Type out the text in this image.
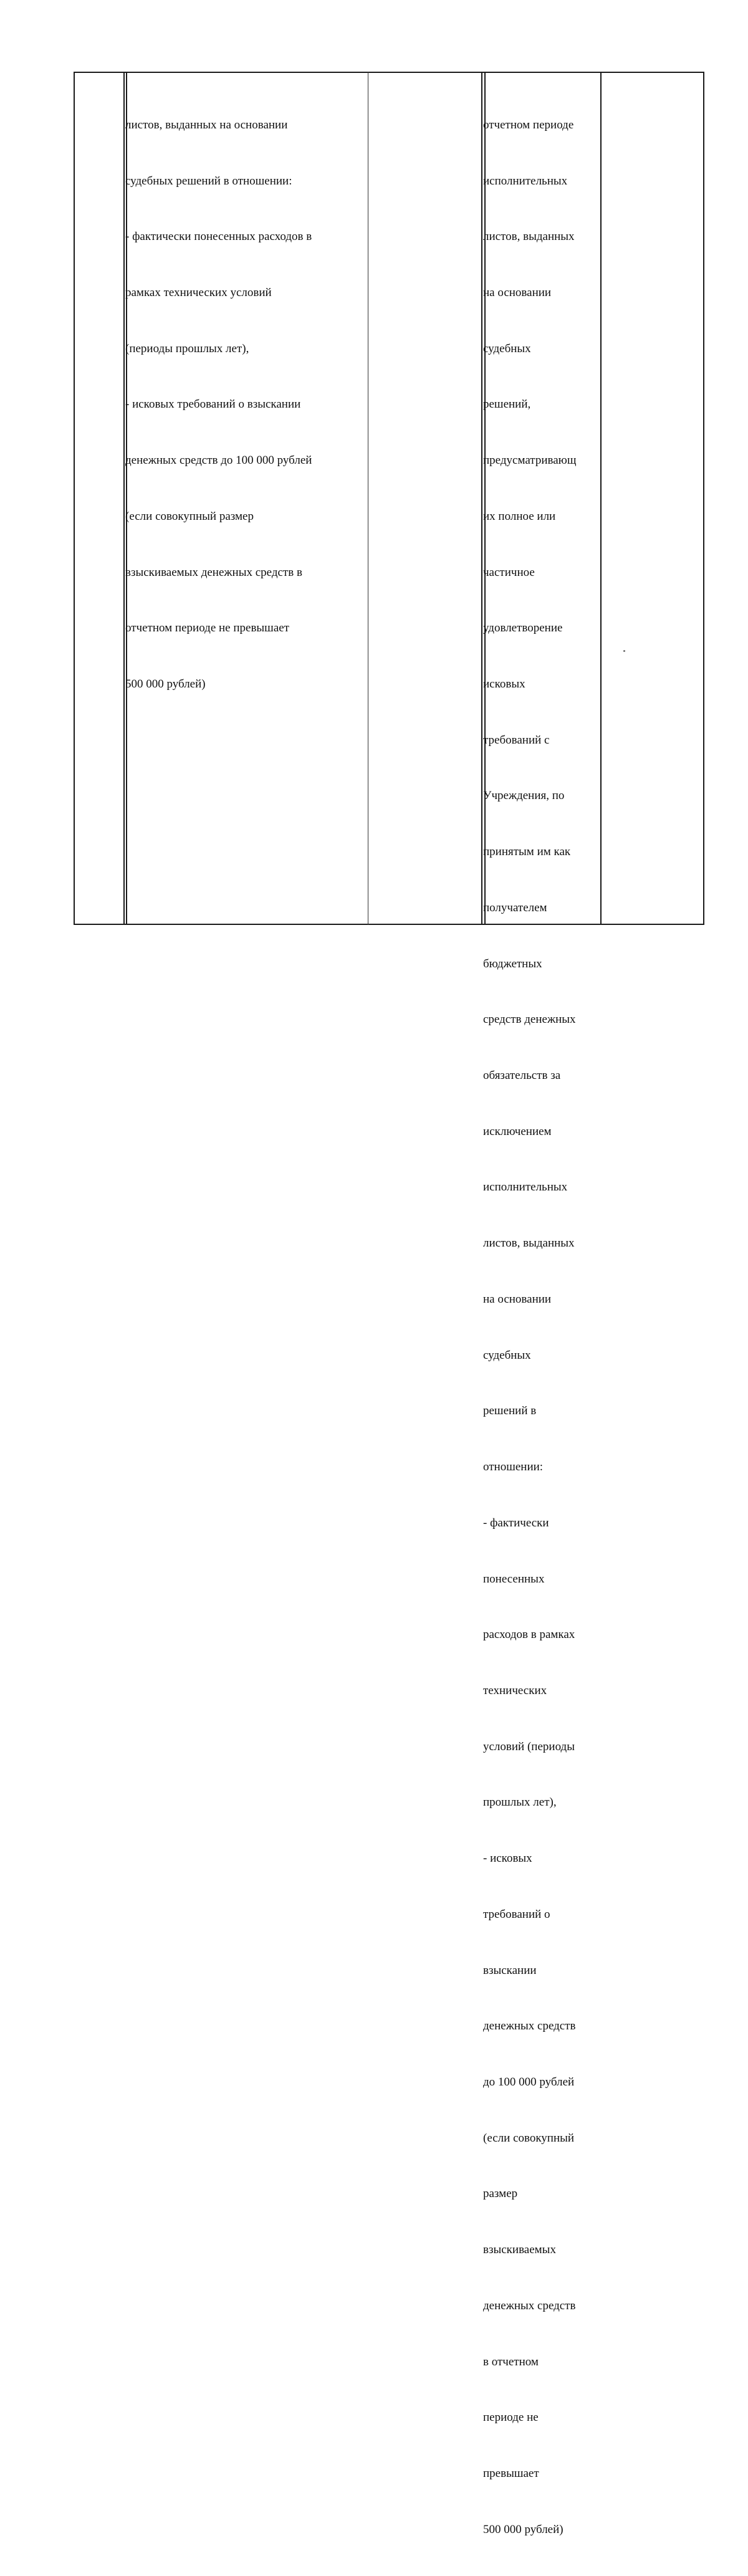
листов, выданных на основании

судебных решений в отношении:

- фактически понесенных расходов в

рамках технических условий

(периоды прошлых лет),

- исковых требований о взыскании

денежных средств до 100 000 рублей

(если совокупный размер

взыскиваемых денежных средств в

отчетном периоде не превышает

500 000 рублей)

отчетном периоде

исполнительных

листов, выданных

на основании

судебных

решений,

предусматривающ

их полное или

частичное

удовлетворение

исковых

требований с

Учреждения, по

принятым им как

получателем

бюджетных

средств денежных

обязательств за

исключением

исполнительных

листов, выданных

на основании

судебных

решений в

отношении:

- фактически

понесенных

расходов в рамках

технических

условий (периоды

прошлых лет),

- исковых

требований о

взыскании

денежных средств

до 100 000 рублей

(если совокупный

размер

взыскиваемых

денежных средств

в отчетном

периоде не

превышает

500 000 рублей)
